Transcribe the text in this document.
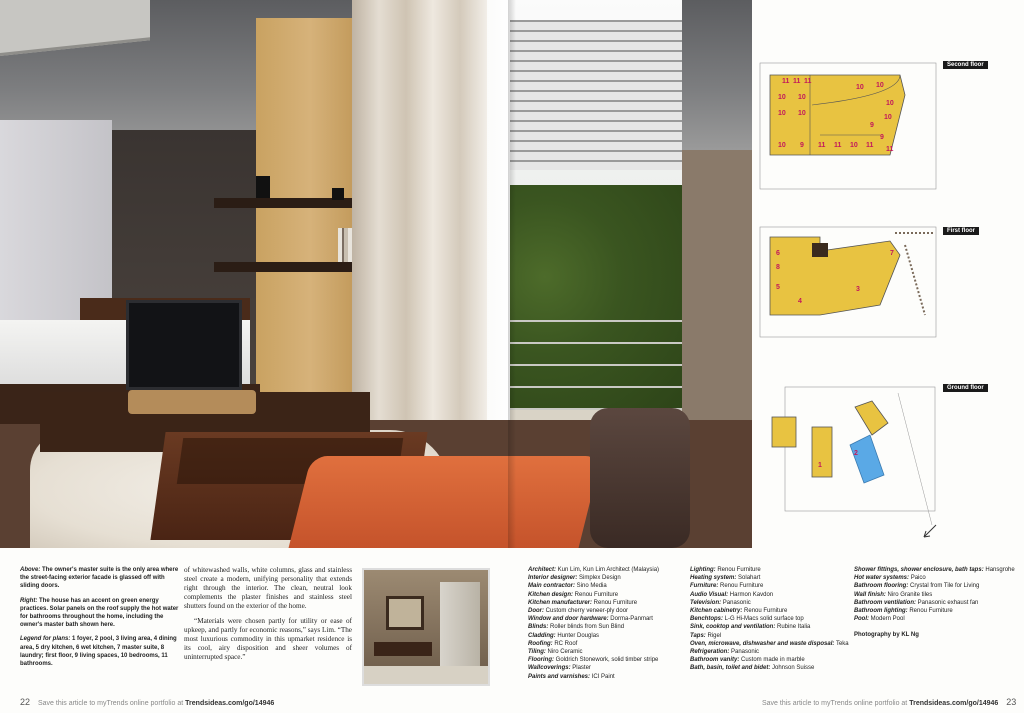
Second floor
First floor
Ground floor
11 11 11
10 10
10 10
10 10
10
10
9
9
9
10	11 11	11
11
10
6
8
7
5
4
3
1
2

Above: The owner's master suite is the only area where the street-facing exterior facade is glassed off with sliding doors.

Right: The house has an accent on green energy practices. Solar panels on the roof supply the hot water for bathrooms throughout the home, including the owner's master bath shown here.

Legend for plans: 1 foyer, 2 pool, 3 living area, 4 dining area, 5 dry kitchen, 6 wet kitchen, 7 master suite, 8 laundry; first floor, 9 living spaces, 10 bedrooms, 11 bathrooms.

of whitewashed walls, white columns, glass and stainless steel create a modern, unifying personality that extends right through the interior. The clean, neutral look complements the plaster finishes and stainless steel shutters found on the exterior of the home.

“Materials were chosen partly for utility or ease of upkeep, and partly for economic reasons,” says Lim. “The most luxurious commodity in this upmarket residence is its cool, airy disposition and sheer volumes of uninterrupted space.”

Architect: Kun Lim, Kun Lim Architect (Malaysia)
Interior designer: Simplex Design
Main contractor: Sino Media
Kitchen design: Renou Furniture
Kitchen manufacturer: Renou Furniture
Door: Custom cherry veneer-ply door
Window and door hardware: Dorma-Panmart
Blinds: Roller blinds from Sun Blind
Cladding: Hunter Douglas
Roofing: RC Roof
Tiling: Niro Ceramic
Flooring: Goldrich Stonework, solid timber stripe
Wallcoverings: Plaster
Paints and varnishes: ICI Paint
Lighting: Renou Furniture
Heating system: Solahart
Furniture: Renou Furniture
Audio Visual: Harmon Kavdon
Television: Panasonic
Kitchen cabinetry: Renou Furniture
Benchtops: L-G Hi-Macs solid surface top
Sink, cooktop and ventilation: Rubine Italia
Taps: Rigel
Oven, microwave, dishwasher and waste disposal: Teka
Refrigeration: Panasonic
Bathroom vanity: Custom made in marble
Bath, basin, toilet and bidet: Johnson Suisse
Shower fittings, shower enclosure, bath taps: Hansgrohe
Hot water systems: Paico
Bathroom flooring: Crystal from Tile for Living
Wall finish: Niro Granite tiles
Bathroom ventilation: Panasonic exhaust fan
Bathroom lighting: Renou Furniture
Pool: Modern Pool
Photography by KL Ng
22 Save this article to myTrends online portfolio at Trendsideas.com/go/14946	Save this article to myTrends online portfolio at Trendsideas.com/go/14946 23
